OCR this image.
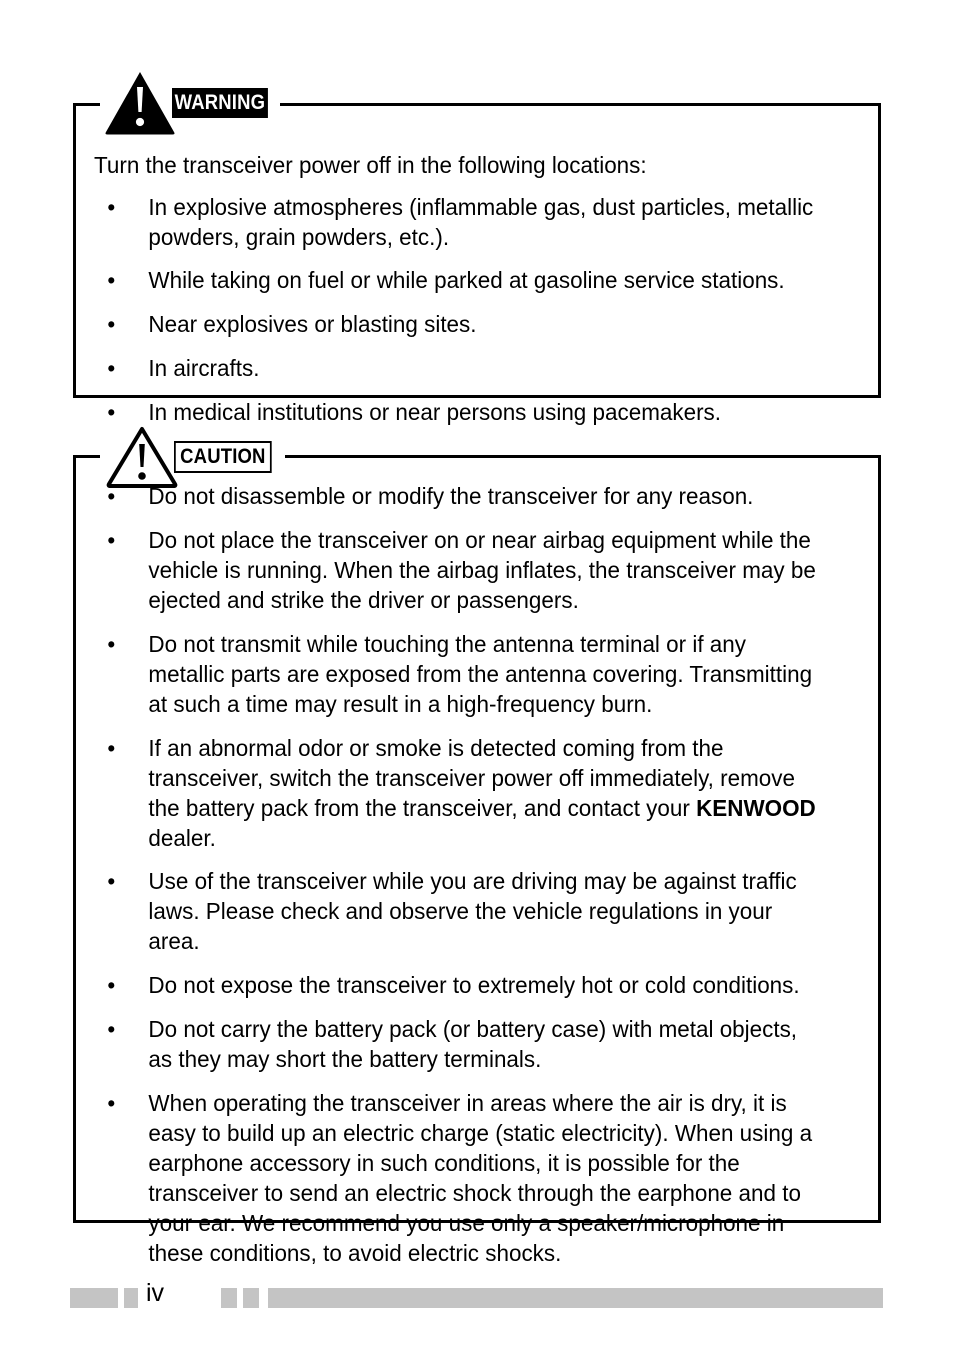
WARNING

Turn the transceiver power off in the following locations:

• In explosive atmospheres (inflammable gas, dust particles, metallic powders, grain powders, etc.).
• While taking on fuel or while parked at gasoline service stations.
• Near explosives or blasting sites.
• In aircrafts.
• In medical institutions or near persons using pacemakers.
CAUTION
• Do not disassemble or modify the transceiver for any reason.
• Do not place the transceiver on or near airbag equipment while the vehicle is running. When the airbag inflates, the transceiver may be ejected and strike the driver or passengers.
• Do not transmit while touching the antenna terminal or if any metallic parts are exposed from the antenna covering. Transmitting at such a time may result in a high-frequency burn.
• If an abnormal odor or smoke is detected coming from the transceiver, switch the transceiver power off immediately, remove the battery pack from the transceiver, and contact your KENWOOD dealer.
• Use of the transceiver while you are driving may be against traffic laws. Please check and observe the vehicle regulations in your area.
• Do not expose the transceiver to extremely hot or cold conditions.
• Do not carry the battery pack (or battery case) with metal objects, as they may short the battery terminals.
• When operating the transceiver in areas where the air is dry, it is easy to build up an electric charge (static electricity). When using a earphone accessory in such conditions, it is possible for the transceiver to send an electric shock through the earphone and to your ear. We recommend you use only a speaker/microphone in these conditions, to avoid electric shocks.
iv
